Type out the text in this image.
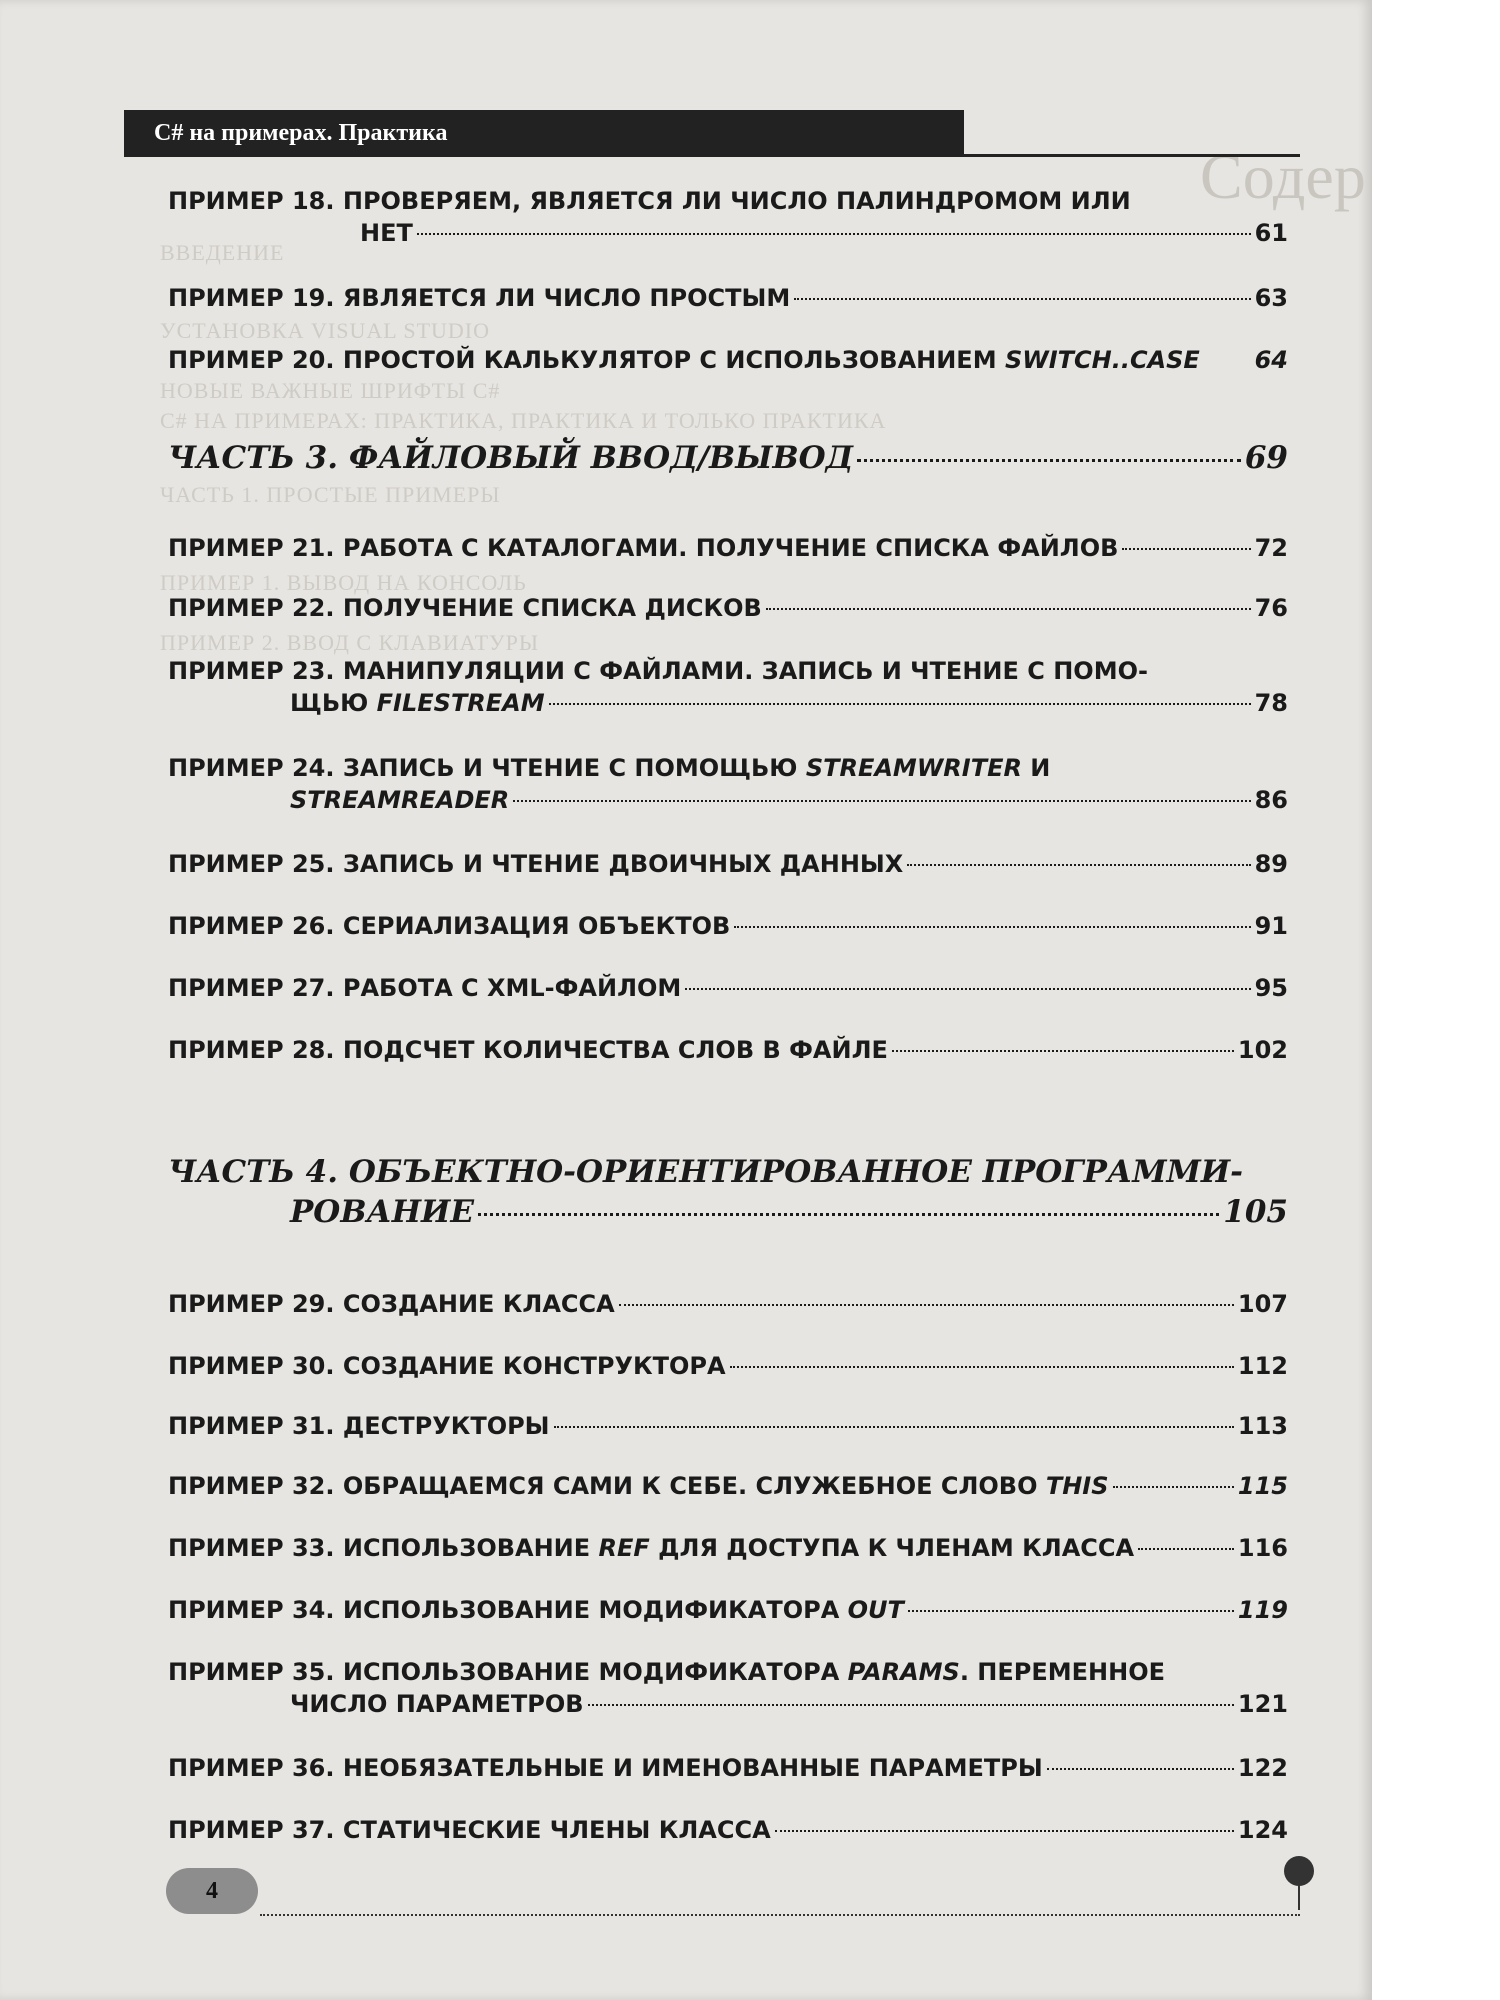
Содер
ВВЕДЕНИЕ
УСТАНОВКА VISUAL STUDIO
НОВЫЕ ВАЖНЫЕ ШРИФТЫ C#
C# НА ПРИМЕРАХ: ПРАКТИКА, ПРАКТИКА И ТОЛЬКО ПРАКТИКА
ЧАСТЬ 1. ПРОСТЫЕ ПРИМЕРЫ
ПРИМЕР 1. ВЫВОД НА КОНСОЛЬ
ПРИМЕР 2. ВВОД С КЛАВИАТУРЫ
C# на примерах. Практика
ПРИМЕР 18. ПРОВЕРЯЕМ, ЯВЛЯЕТСЯ ЛИ ЧИСЛО ПАЛИНДРОМОМ ИЛИ
НЕТ	61
ПРИМЕР 19. ЯВЛЯЕТСЯ ЛИ ЧИСЛО ПРОСТЫМ	63
ПРИМЕР 20. ПРОСТОЙ КАЛЬКУЛЯТОР С ИСПОЛЬЗОВАНИЕМ SWITCH..CASE 64
ЧАСТЬ 3. ФАЙЛОВЫЙ ВВОД/ВЫВОД	69
ПРИМЕР 21. РАБОТА С КАТАЛОГАМИ. ПОЛУЧЕНИЕ СПИСКА ФАЙЛОВ	72
ПРИМЕР 22. ПОЛУЧЕНИЕ СПИСКА ДИСКОВ	76
ПРИМЕР 23. МАНИПУЛЯЦИИ С ФАЙЛАМИ. ЗАПИСЬ И ЧТЕНИЕ С ПОМО-
ЩЬЮ FILESTREAM	78
ПРИМЕР 24. ЗАПИСЬ И ЧТЕНИЕ С ПОМОЩЬЮ STREAMWRITER И
STREAMREADER	86
ПРИМЕР 25. ЗАПИСЬ И ЧТЕНИЕ ДВОИЧНЫХ ДАННЫХ	89
ПРИМЕР 26. СЕРИАЛИЗАЦИЯ ОБЪЕКТОВ	91
ПРИМЕР 27. РАБОТА С XML-ФАЙЛОМ	95
ПРИМЕР 28. ПОДСЧЕТ КОЛИЧЕСТВА СЛОВ В ФАЙЛЕ	102
ЧАСТЬ 4. ОБЪЕКТНО-ОРИЕНТИРОВАННОЕ ПРОГРАММИ-
РОВАНИЕ	105
ПРИМЕР 29. СОЗДАНИЕ КЛАССА	107
ПРИМЕР 30. СОЗДАНИЕ КОНСТРУКТОРА	112
ПРИМЕР 31. ДЕСТРУКТОРЫ	113
ПРИМЕР 32. ОБРАЩАЕМСЯ САМИ К СЕБЕ. СЛУЖЕБНОЕ СЛОВО THIS	115
ПРИМЕР 33. ИСПОЛЬЗОВАНИЕ REF ДЛЯ ДОСТУПА К ЧЛЕНАМ КЛАССА	116
ПРИМЕР 34. ИСПОЛЬЗОВАНИЕ МОДИФИКАТОРА OUT	119
ПРИМЕР 35. ИСПОЛЬЗОВАНИЕ МОДИФИКАТОРА PARAMS. ПЕРЕМЕННОЕ
ЧИСЛО ПАРАМЕТРОВ	121
ПРИМЕР 36. НЕОБЯЗАТЕЛЬНЫЕ И ИМЕНОВАННЫЕ ПАРАМЕТРЫ	122
ПРИМЕР 37. СТАТИЧЕСКИЕ ЧЛЕНЫ КЛАССА	124
4
